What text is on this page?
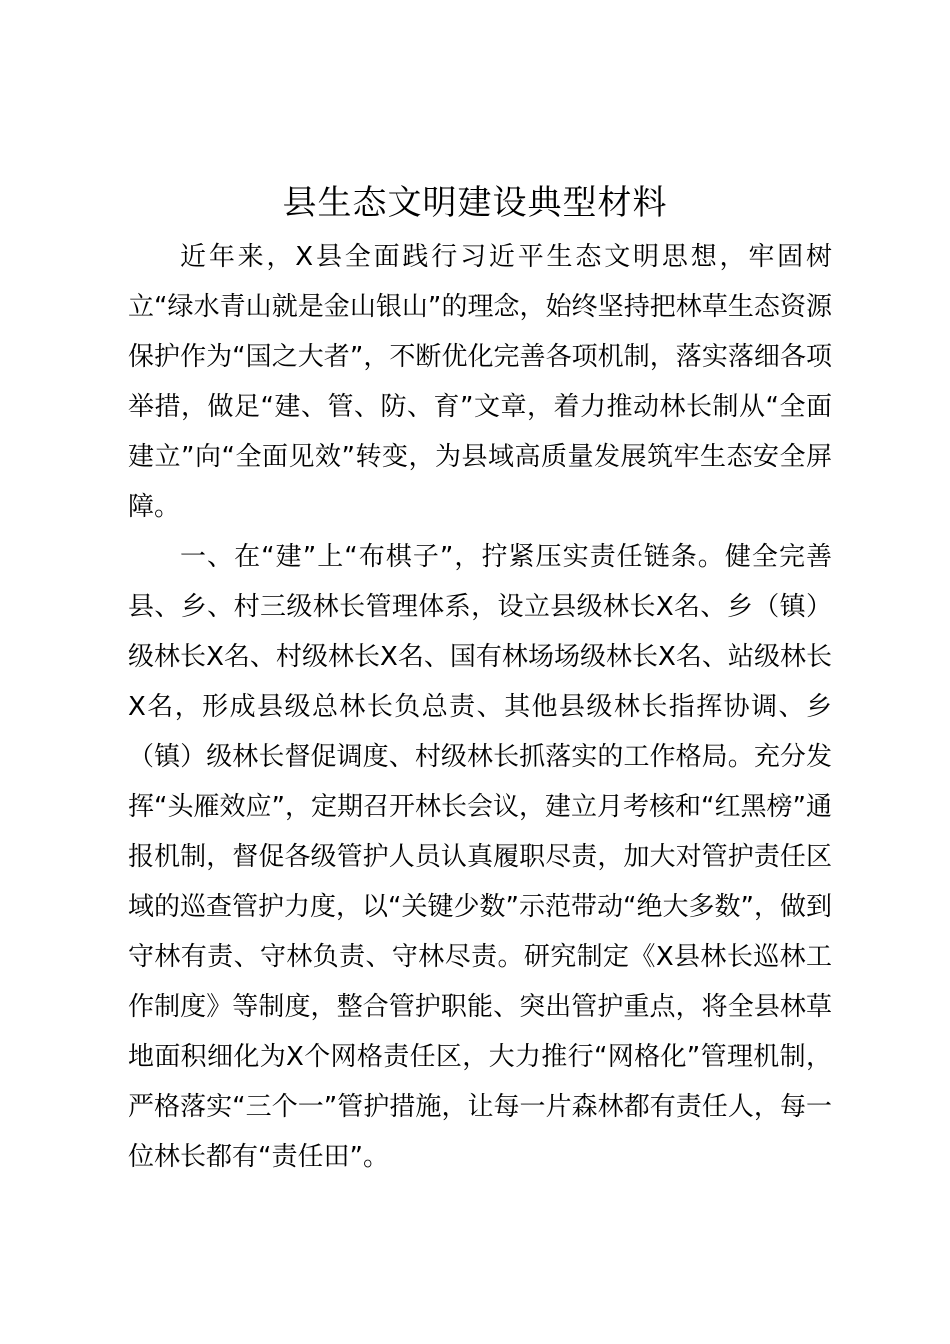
县生态文明建设典型材料

近年来，X县全面践行习近平生态文明思想，牢固树立“绿水青山就是金山银山”的理念，始终坚持把林草生态资源保护作为“国之大者”，不断优化完善各项机制，落实落细各项举措，做足“建、管、防、育”文章，着力推动林长制从“全面建立”向“全面见效”转变，为县域高质量发展筑牢生态安全屏障。

一、在“建”上“布棋子”，拧紧压实责任链条。健全完善县、乡、村三级林长管理体系，设立县级林长X名、乡（镇）级林长X名、村级林长X名、国有林场场级林长X名、站级林长X名，形成县级总林长负总责、其他县级林长指挥协调、乡（镇）级林长督促调度、村级林长抓落实的工作格局。充分发挥“头雁效应”，定期召开林长会议，建立月考核和“红黑榜”通报机制，督促各级管护人员认真履职尽责，加大对管护责任区域的巡查管护力度，以“关键少数”示范带动“绝大多数”，做到守林有责、守林负责、守林尽责。研究制定《X县林长巡林工作制度》等制度，整合管护职能、突出管护重点，将全县林草地面积细化为X个网格责任区，大力推行“网格化”管理机制，严格落实“三个一”管护措施，让每一片森林都有责任人，每一位林长都有“责任田”。
